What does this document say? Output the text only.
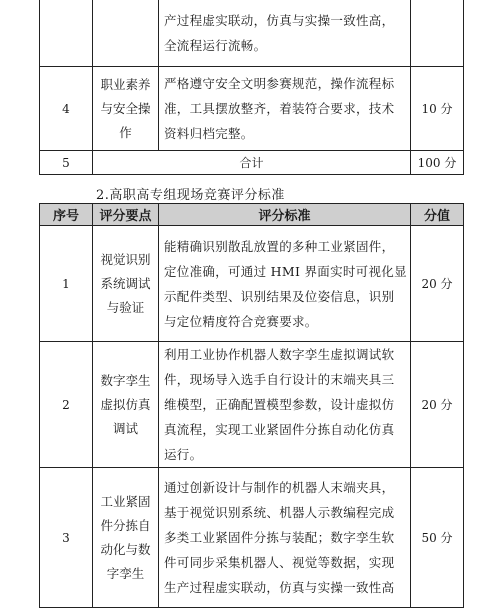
		产过程虚实联动，仿真与实操一致性高，全流程运行流畅。	
4	职业素养与安全操作	严格遵守安全文明参赛规范，操作流程标准，工具摆放整齐，着装符合要求，技术资料归档完整。	10 分
5	合计		100 分
2.高职高专组现场竞赛评分标准
序号	评分要点	评分标准	分值
1	视觉识别系统调试与验证	能精确识别散乱放置的多种工业紧固件，定位准确，可通过 HMI 界面实时可视化显示配件类型、识别结果及位姿信息，识别与定位精度符合竞赛要求。	20 分
2	数字孪生虚拟仿真调试	利用工业协作机器人数字孪生虚拟调试软件，现场导入选手自行设计的末端夹具三维模型，正确配置模型参数，设计虚拟仿真流程，实现工业紧固件分拣自动化仿真运行。	20 分
3	工业紧固件分拣自动化与数字孪生	通过创新设计与制作的机器人末端夹具，基于视觉识别系统、机器人示教编程完成多类工业紧固件分拣与装配；数字孪生软件可同步采集机器人、视觉等数据，实现生产过程虚实联动，仿真与实操一致性高	50 分
